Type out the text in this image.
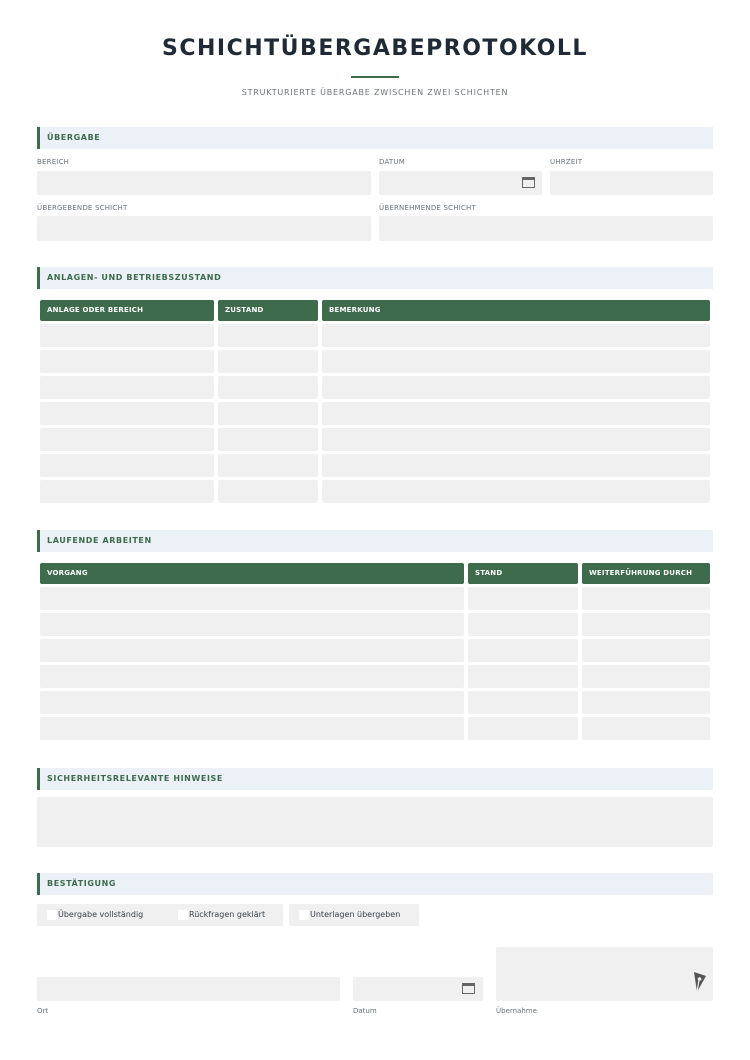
SCHICHTÜBERGABEPROTOKOLL
STRUKTURIERTE ÜBERGABE ZWISCHEN ZWEI SCHICHTEN
ÜBERGABE
BEREICH	DATUM	UHRZEIT
ÜBERGEBENDE SCHICHT	ÜBERNEHMENDE SCHICHT
ANLAGEN- UND BETRIEBSZUSTAND
ANLAGE ODER BEREICH	ZUSTAND	BEMERKUNG
LAUFENDE ARBEITEN
VORGANG	STAND	WEITERFÜHRUNG DURCH
SICHERHEITSRELEVANTE HINWEISE
BESTÄTIGUNG
Übergabe vollständig	Rückfragen geklärt	Unterlagen übergeben
Ort	Datum	Übernahme
